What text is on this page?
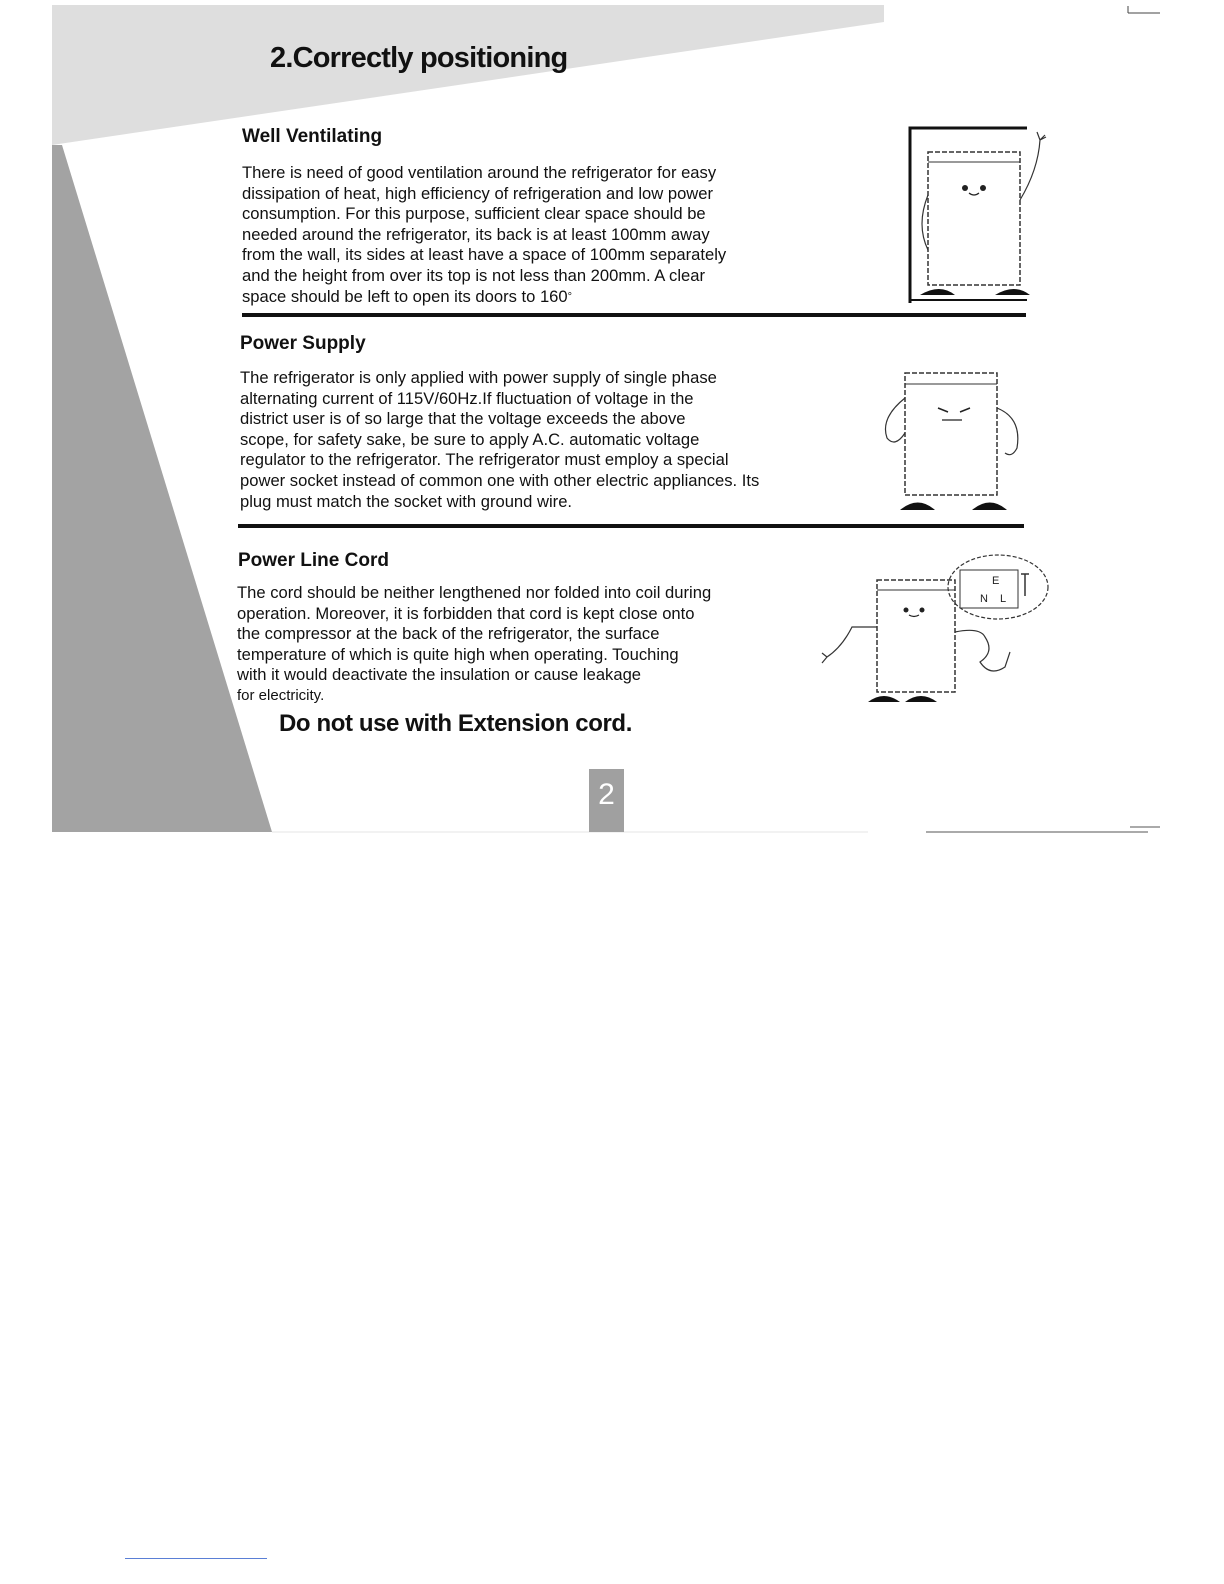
2.Correctly positioning
Well Ventilating
There is need of good ventilation around the refrigerator for easy
dissipation of heat, high efficiency of refrigeration and low power
consumption. For this purpose, sufficient clear space should be
needed around the refrigerator, its back is at least 100mm away
from the wall, its sides at least have a space of 100mm separately
and the height from over its top is not less than 200mm. A clear
space should be left to open its doors to 160°
Power Supply
The refrigerator is only applied with power supply of single phase
alternating current of 115V/60Hz.If fluctuation of voltage in the
district user is of so large that the voltage exceeds the above
scope, for safety sake, be sure to apply A.C. automatic voltage
regulator to the refrigerator. The refrigerator must employ a special
power socket instead of common one with other electric appliances. Its
plug must match the socket with ground wire.
Power Line Cord
The cord should be neither lengthened nor folded into coil during
operation. Moreover, it is forbidden that cord is kept close onto
the compressor at the back of the refrigerator, the surface
temperature of which is quite high when operating. Touching
with it would deactivate the insulation or cause leakage
for electricity.
E
N L

Do not use with Extension cord.

2
